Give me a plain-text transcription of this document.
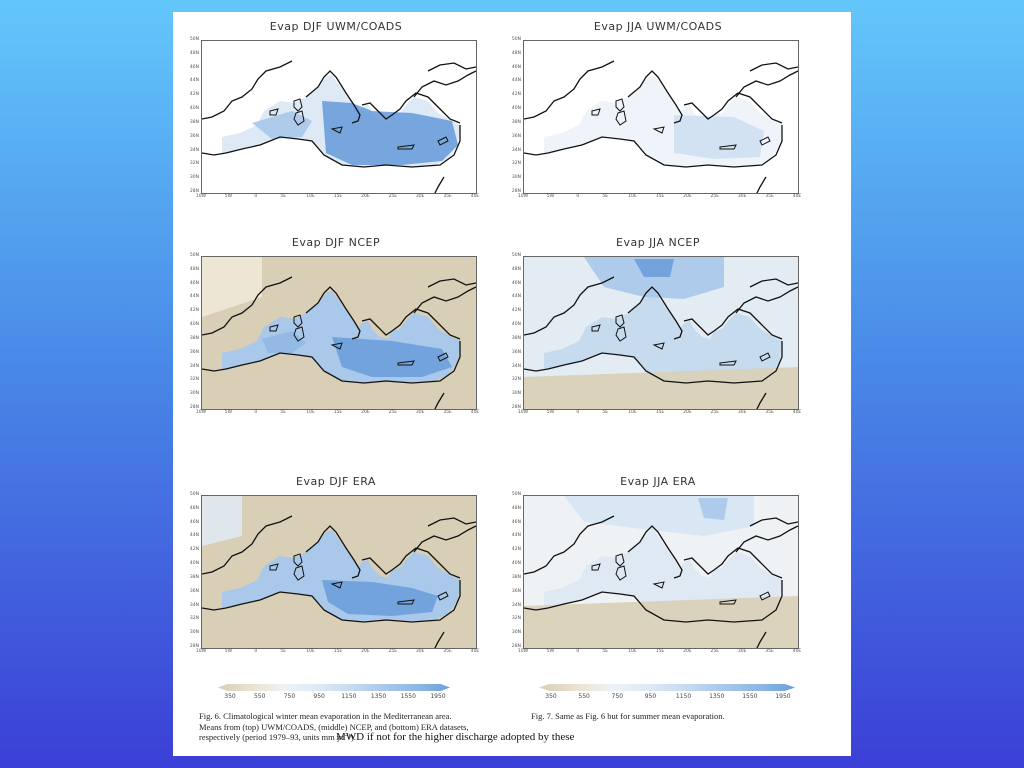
Evap DJF UWM/COADS
50N
48N
46N
44N
42N
40N
38N
36N
34N
32N
30N
28N
10W	5W	0	5E	10E	15E	20E	25E	30E	35E	40E
Evap JJA UWM/COADS
50N
48N
46N
44N
42N
40N
38N
36N
34N
32N
30N
28N
10W	5W	0	5E	10E	15E	20E	25E	30E	35E	40E
Evap DJF NCEP
50N
48N
46N
44N
42N
40N
38N
36N
34N
32N
30N
28N
10W	5W	0	5E	10E	15E	20E	25E	30E	35E	40E
Evap JJA NCEP
50N
48N
46N
44N
42N
40N
38N
36N
34N
32N
30N
28N
10W	5W	0	5E	10E	15E	20E	25E	30E	35E	40E
Evap DJF ERA
50N
48N
46N
44N
42N
40N
38N
36N
34N
32N
30N
28N
10W	5W	0	5E	10E	15E	20E	25E	30E	35E	40E
Evap JJA ERA
50N
48N
46N
44N
42N
40N
38N
36N
34N
32N
30N
28N
10W	5W	0	5E	10E	15E	20E	25E	30E	35E	40E
350	550	750	950	1150 1350 1550 1950	350	550	750	950	1150	1350	1550	1950
Fig. 6. Climatological winter mean evaporation in the Mediterranean area. Means from (top) UWM/COADS, (middle) NCEP, and (bottom) ERA datasets, respectively (period 1979–93, units mm yr⁻¹).
Fig. 7. Same as Fig. 6 but for summer mean evaporation.
MWD if not for the higher discharge adopted by these
